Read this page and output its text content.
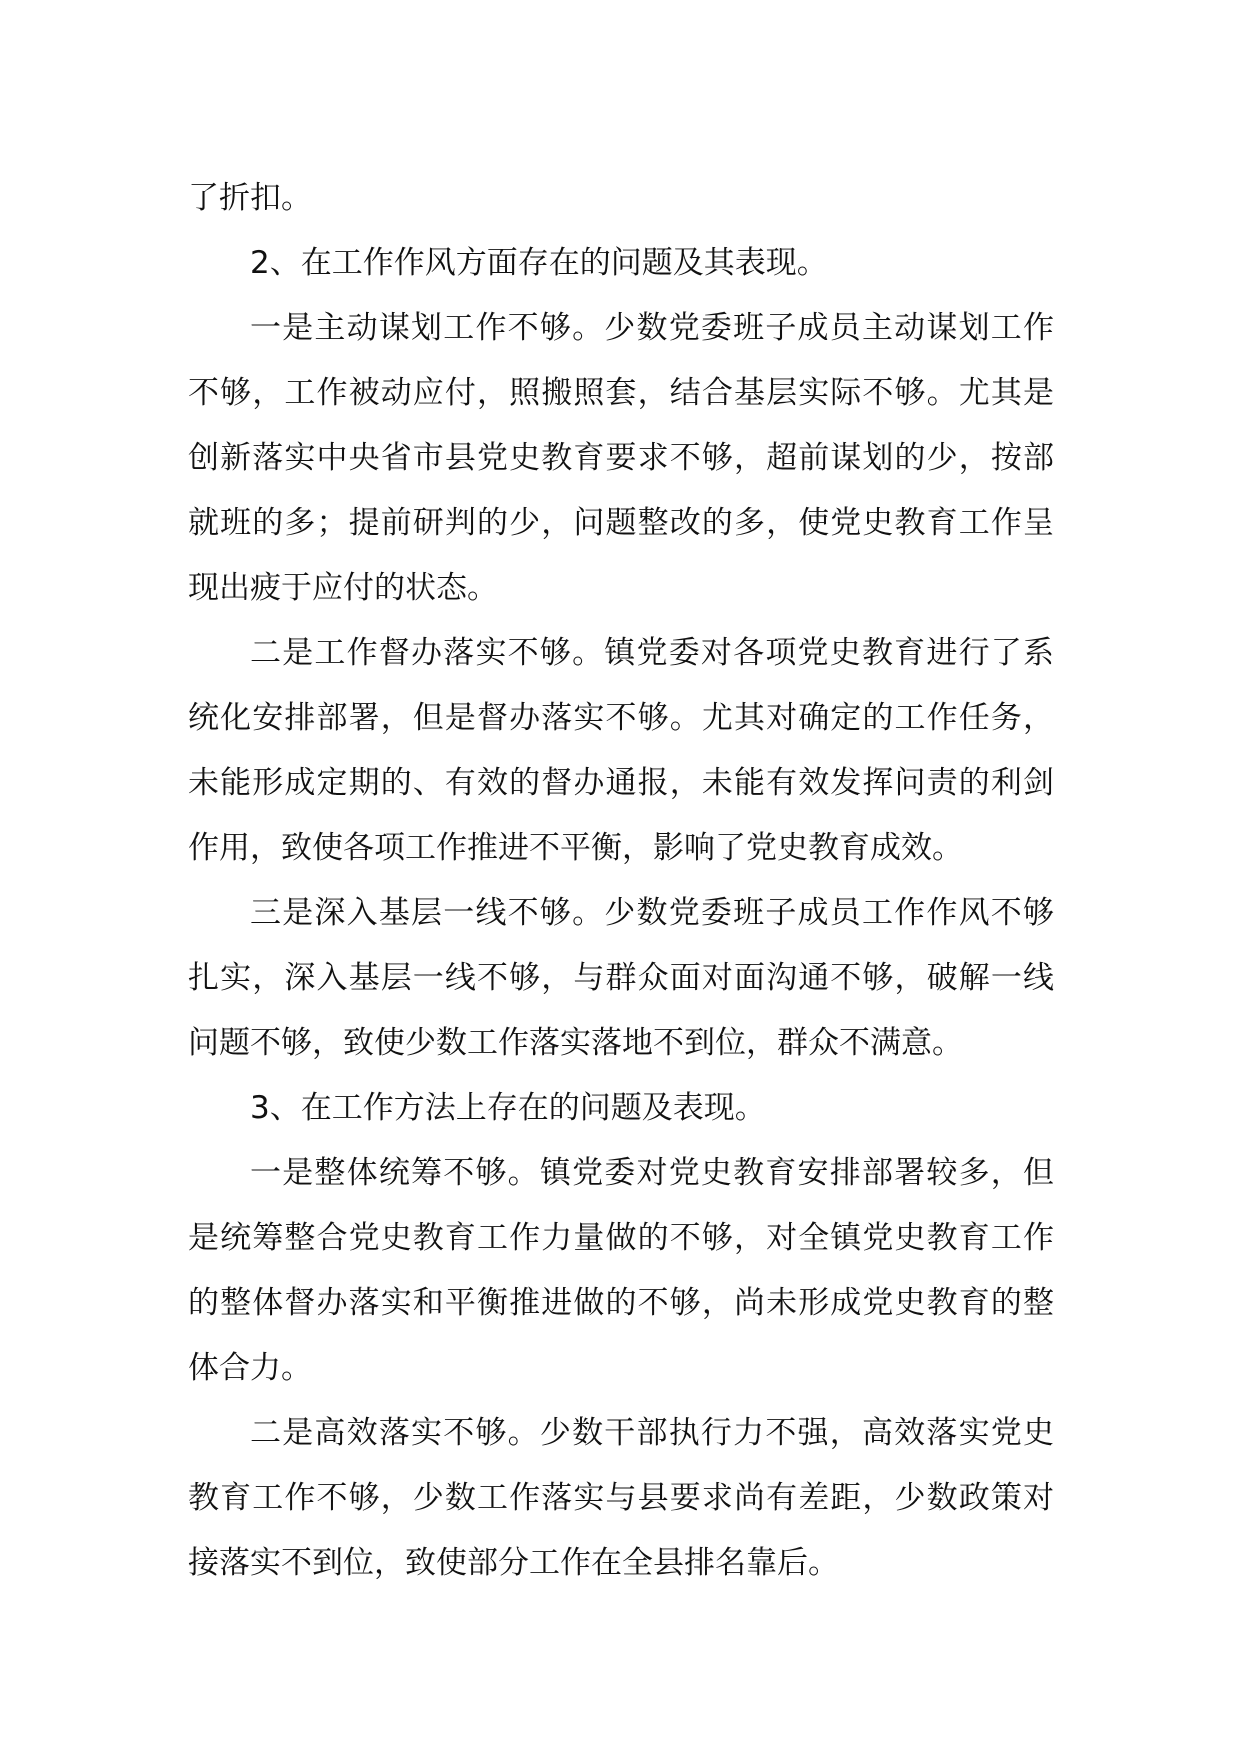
了折扣。

2、在工作作风方面存在的问题及其表现。

一是主动谋划工作不够。少数党委班子成员主动谋划工作不够，工作被动应付，照搬照套，结合基层实际不够。尤其是创新落实中央省市县党史教育要求不够，超前谋划的少，按部就班的多；提前研判的少，问题整改的多，使党史教育工作呈现出疲于应付的状态。

二是工作督办落实不够。镇党委对各项党史教育进行了系统化安排部署，但是督办落实不够。尤其对确定的工作任务，未能形成定期的、有效的督办通报，未能有效发挥问责的利剑作用，致使各项工作推进不平衡，影响了党史教育成效。

三是深入基层一线不够。少数党委班子成员工作作风不够扎实，深入基层一线不够，与群众面对面沟通不够，破解一线问题不够，致使少数工作落实落地不到位，群众不满意。

3、在工作方法上存在的问题及表现。

一是整体统筹不够。镇党委对党史教育安排部署较多，但是统筹整合党史教育工作力量做的不够，对全镇党史教育工作的整体督办落实和平衡推进做的不够，尚未形成党史教育的整体合力。

二是高效落实不够。少数干部执行力不强，高效落实党史教育工作不够，少数工作落实与县要求尚有差距，少数政策对接落实不到位，致使部分工作在全县排名靠后。
